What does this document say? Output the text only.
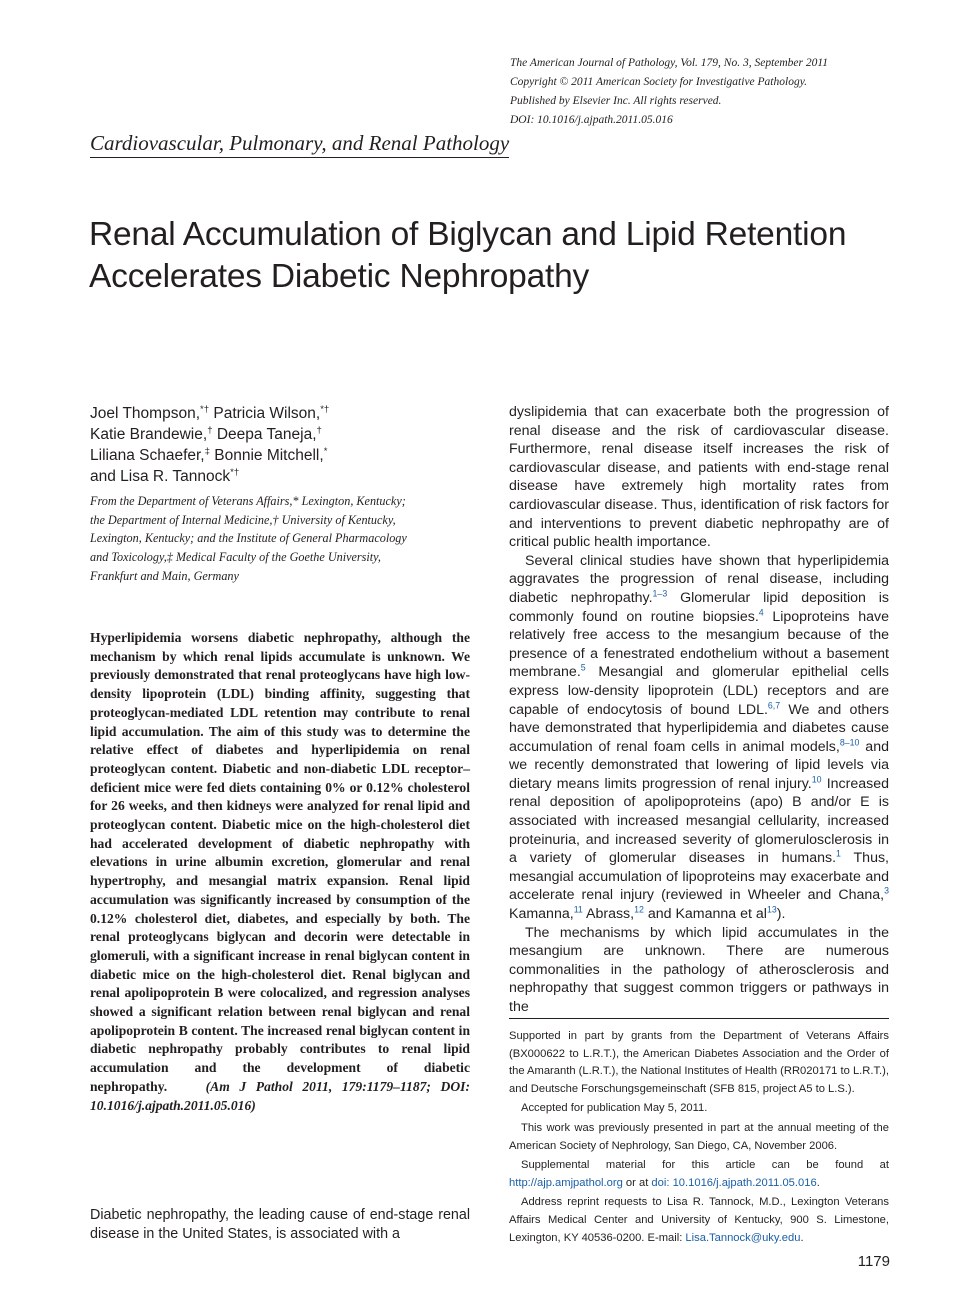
The American Journal of Pathology, Vol. 179, No. 3, September 2011
Copyright © 2011 American Society for Investigative Pathology.
Published by Elsevier Inc. All rights reserved.
DOI: 10.1016/j.ajpath.2011.05.016
Cardiovascular, Pulmonary, and Renal Pathology
Renal Accumulation of Biglycan and Lipid Retention Accelerates Diabetic Nephropathy
Joel Thompson,*† Patricia Wilson,*†
Katie Brandewie,† Deepa Taneja,†
Liliana Schaefer,‡ Bonnie Mitchell,*
and Lisa R. Tannock*†
From the Department of Veterans Affairs,* Lexington, Kentucky;
the Department of Internal Medicine,† University of Kentucky,
Lexington, Kentucky; and the Institute of General Pharmacology
and Toxicology,‡ Medical Faculty of the Goethe University,
Frankfurt and Main, Germany
Hyperlipidemia worsens diabetic nephropathy, although the mechanism by which renal lipids accumulate is unknown. We previously demonstrated that renal proteoglycans have high low-density lipoprotein (LDL) binding affinity, suggesting that proteoglycan-mediated LDL retention may contribute to renal lipid accumulation. The aim of this study was to determine the relative effect of diabetes and hyperlipidemia on renal proteoglycan content. Diabetic and non-diabetic LDL receptor–deficient mice were fed diets containing 0% or 0.12% cholesterol for 26 weeks, and then kidneys were analyzed for renal lipid and proteoglycan content. Diabetic mice on the high-cholesterol diet had accelerated development of diabetic nephropathy with elevations in urine albumin excretion, glomerular and renal hypertrophy, and mesangial matrix expansion. Renal lipid accumulation was significantly increased by consumption of the 0.12% cholesterol diet, diabetes, and especially by both. The renal proteoglycans biglycan and decorin were detectable in glomeruli, with a significant increase in renal biglycan content in diabetic mice on the high-cholesterol diet. Renal biglycan and renal apolipoprotein B were colocalized, and regression analyses showed a significant relation between renal biglycan and renal apolipoprotein B content. The increased renal biglycan content in diabetic nephropathy probably contributes to renal lipid accumulation and the development of diabetic nephropathy.	(Am J Pathol 2011, 179:1179–1187; DOI: 10.1016/j.ajpath.2011.05.016)
Diabetic nephropathy, the leading cause of end-stage renal disease in the United States, is associated with a

dyslipidemia that can exacerbate both the progression of renal disease and the risk of cardiovascular disease. Furthermore, renal disease itself increases the risk of cardiovascular disease, and patients with end-stage renal disease have extremely high mortality rates from cardiovascular disease. Thus, identification of risk factors for and interventions to prevent diabetic nephropathy are of critical public health importance.

Several clinical studies have shown that hyperlipidemia aggravates the progression of renal disease, including diabetic nephropathy.$^{1-3}$ Glomerular lipid deposition is commonly found on routine biopsies.$^4$ Lipoproteins have relatively free access to the mesangium because of the presence of a fenestrated endothelium without a basement membrane.$^5$ Mesangial and glomerular epithelial cells express low-density lipoprotein (LDL) receptors and are capable of endocytosis of bound LDL.$^{6,7}$ We and others have demonstrated that hyperlipidemia and diabetes cause accumulation of renal foam cells in animal models,$^{8-10}$ and we recently demonstrated that lowering of lipid levels via dietary means limits progression of renal injury.$^{10}$ Increased renal deposition of apolipoproteins (apo) B and/or E is associated with increased mesangial cellularity, increased proteinuria, and increased severity of glomerulosclerosis in a variety of glomerular diseases in humans.$^1$ Thus, mesangial accumulation of lipoproteins may exacerbate and accelerate renal injury (reviewed in Wheeler and Chana,$^3$ Kamanna,$^{11}$ Abrass,$^{12}$ and Kamanna et $al^{13}$).

The mechanisms by which lipid accumulates in the mesangium are unknown. There are numerous commonalities in the pathology of atherosclerosis and nephropathy that suggest common triggers or pathways in the

Supported in part by grants from the Department of Veterans Affairs (BX000622 to L.R.T.), the American Diabetes Association and the Order of the Amaranth (L.R.T.), the National Institutes of Health (RR020171 to L.R.T.), and Deutsche Forschungsgemeinschaft (SFB 815, project A5 to L.S.).

Accepted for publication May 5, 2011.

This work was previously presented in part at the annual meeting of the American Society of Nephrology, San Diego, CA, November 2006.

Supplemental material for this article can be found at http://ajp.amjpathol.org or at doi: 10.1016/j.ajpath.2011.05.016.

Address reprint requests to Lisa R. Tannock, M.D., Lexington Veterans Affairs Medical Center and University of Kentucky, 900 S. Limestone, Lexington, KY 40536-0200. E-mail: Lisa.Tannock@uky.edu.

1179
